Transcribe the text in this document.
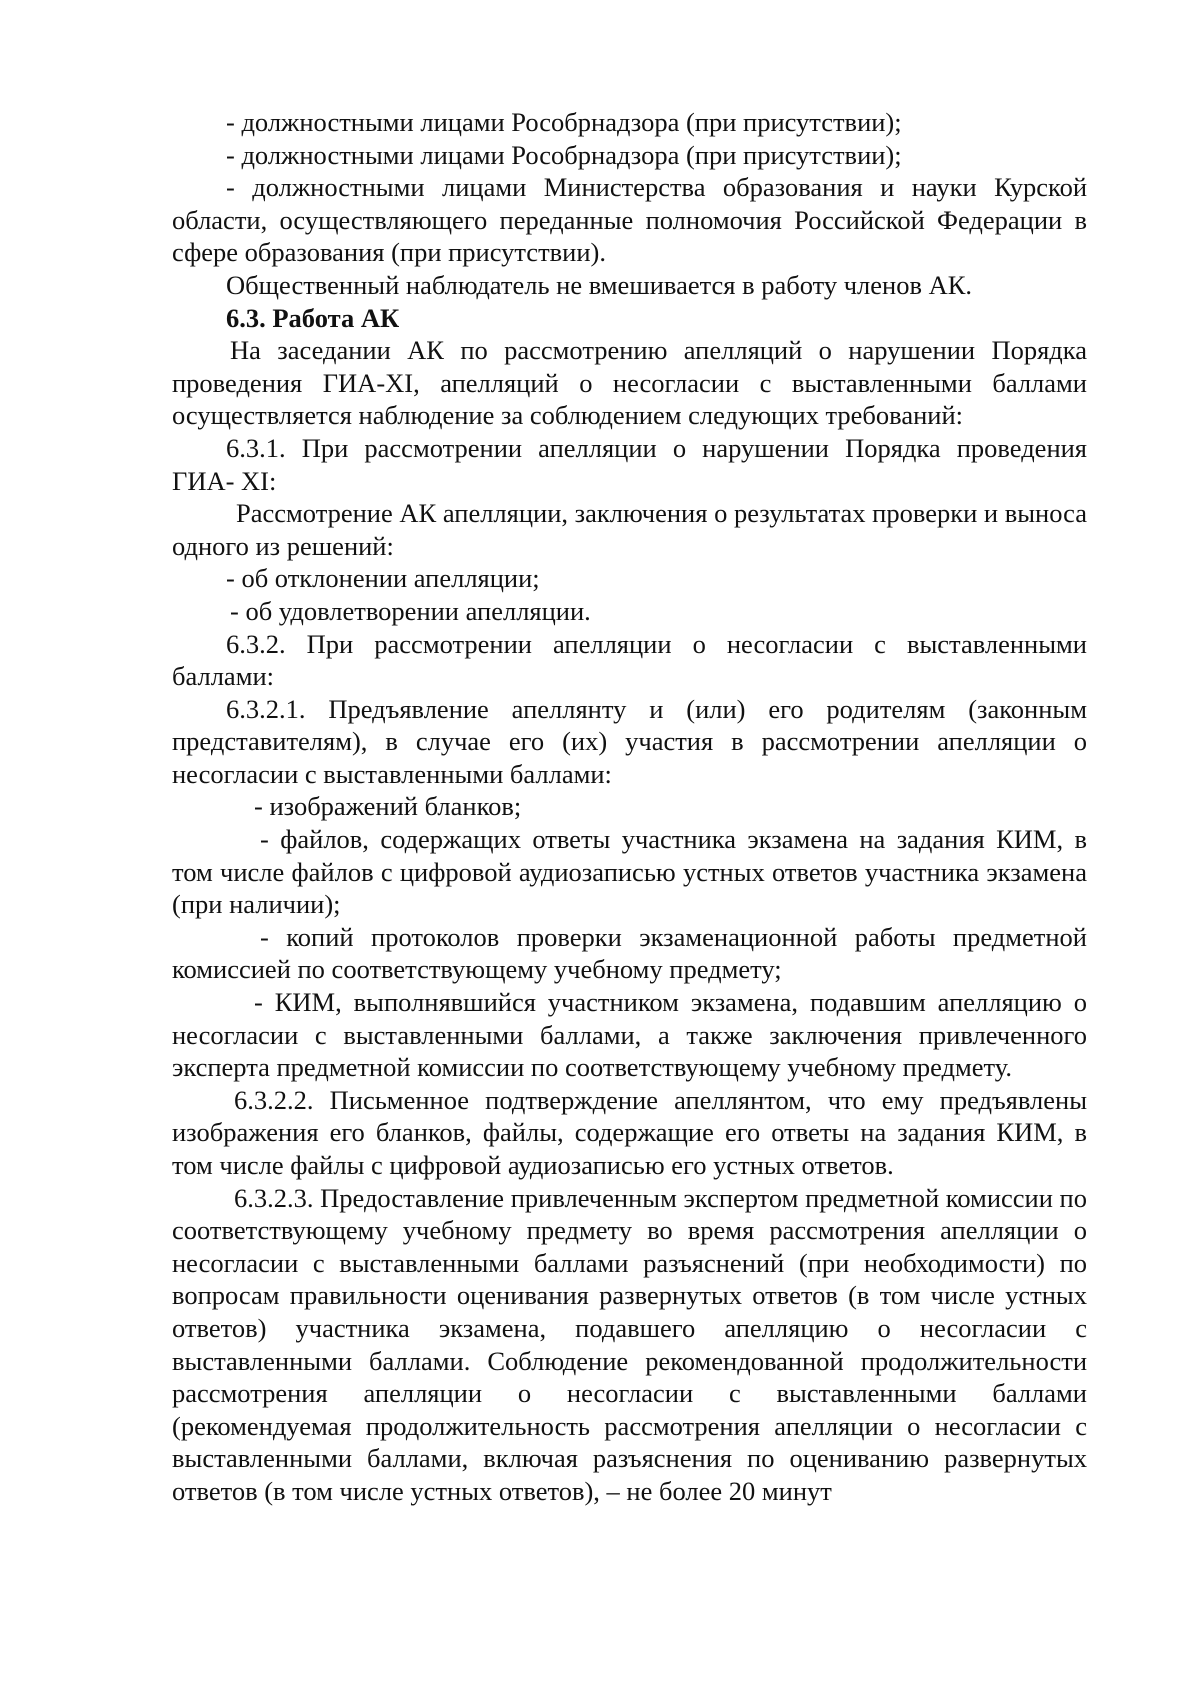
- должностными лицами Рособрнадзора (при присутствии);

- должностными лицами Рособрнадзора (при присутствии);

- должностными лицами Министерства образования и науки Курской области, осуществляющего переданные полномочия Российской Федерации в сфере образования (при присутствии).

Общественный наблюдатель не вмешивается в работу членов АК.

6.3. Работа АК

На заседании АК по рассмотрению апелляций о нарушении Порядка проведения ГИА-XI, апелляций о несогласии с выставленными баллами осуществляется наблюдение за соблюдением следующих требований:

6.3.1. При рассмотрении апелляции о нарушении Порядка проведения ГИА- XI:

Рассмотрение АК апелляции, заключения о результатах проверки и выноса одного из решений:

- об отклонении апелляции;

- об удовлетворении апелляции.

6.3.2. При рассмотрении апелляции о несогласии с выставленными баллами:

6.3.2.1. Предъявление апеллянту и (или) его родителям (законным представителям), в случае его (их) участия в рассмотрении апелляции о несогласии с выставленными баллами:

- изображений бланков;

- файлов, содержащих ответы участника экзамена на задания КИМ, в том числе файлов с цифровой аудиозаписью устных ответов участника экзамена (при наличии);

- копий протоколов проверки экзаменационной работы предметной комиссией по соответствующему учебному предмету;

- КИМ, выполнявшийся участником экзамена, подавшим апелляцию о несогласии с выставленными баллами, а также заключения привлеченного эксперта предметной комиссии по соответствующему учебному предмету.

6.3.2.2. Письменное подтверждение апеллянтом, что ему предъявлены изображения его бланков, файлы, содержащие его ответы на задания КИМ, в том числе файлы с цифровой аудиозаписью его устных ответов.

6.3.2.3. Предоставление привлеченным экспертом предметной комиссии по соответствующему учебному предмету во время рассмотрения апелляции о несогласии с выставленными баллами разъяснений (при необходимости) по вопросам правильности оценивания развернутых ответов (в том числе устных ответов) участника экзамена, подавшего апелляцию о несогласии с выставленными баллами. Соблюдение рекомендованной продолжительности рассмотрения апелляции о несогласии с выставленными баллами (рекомендуемая продолжительность рассмотрения апелляции о несогласии с выставленными баллами, включая разъяснения по оцениванию развернутых ответов (в том числе устных ответов), – не более 20 минут
